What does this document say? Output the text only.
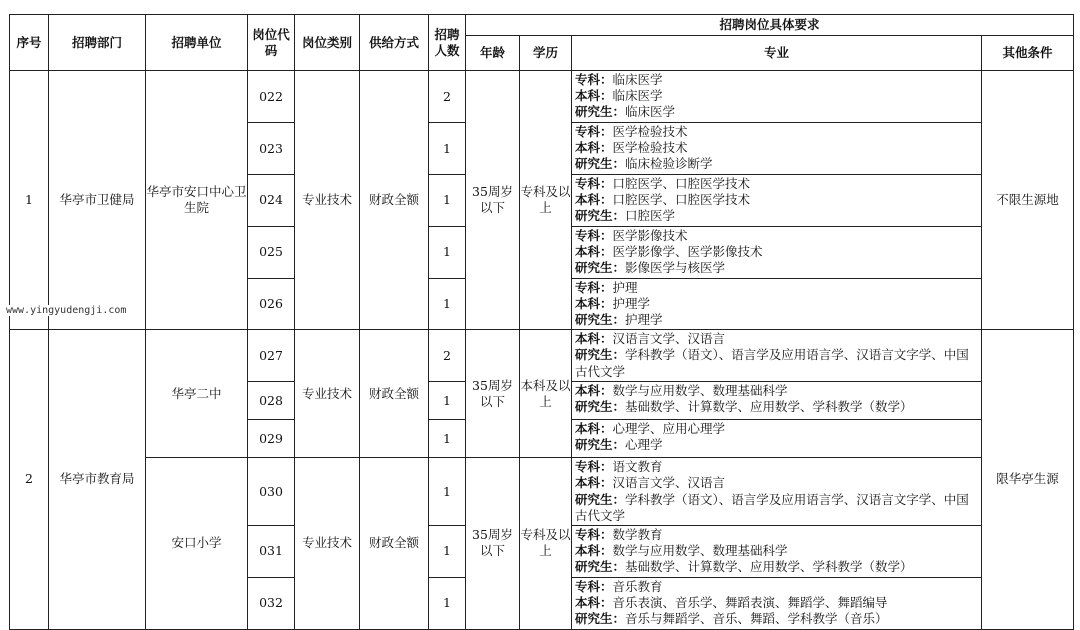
序号	招聘部门	招聘单位	岗位代码	岗位类别	供给方式	招聘人数	招聘岗位具体要求			
							年龄	学历	专业	其他条件
1	华亭市卫健局	华亭市安口中心卫生院	022	专业技术	财政全额	2	35周岁以下	专科及以上	专科：临床医学
本科：临床医学
研究生：临床医学	不限生源地
			023			1			专科：医学检验技术
本科：医学检验技术
研究生：临床检验诊断学	

			024			1			专科：口腔医学、口腔医学技术
本科：口腔医学、口腔医学技术
研究生：口腔医学	

			025			1			专科：医学影像技术
本科：医学影像学、医学影像技术
研究生：影像医学与核医学	

			026			1			专科：护理
本科：护理学
研究生：护理学	

2	华亭市教育局	华亭二中	027	专业技术	财政全额	2	35周岁以下	本科及以上	本科：汉语言文学、汉语言
研究生：学科教学（语文）、语言学及应用语言学、汉语言文字学、中国古代文学	限华亭生源
			028			1			本科：数学与应用数学、数理基础科学
研究生：基础数学、计算数学、应用数学、学科教学（数学）	

			029			1			本科：心理学、应用心理学
研究生：心理学	

		安口小学	030	专业技术	财政全额	1	35周岁以下	专科及以上	专科：语文教育
本科：汉语言文学、汉语言
研究生：学科教学（语文）、语言学及应用语言学、汉语言文字学、中国古代文学	

			031			1			专科：数学教育
本科：数学与应用数学、数理基础科学
研究生：基础数学、计算数学、应用数学、学科教学（数学）	

			032			1			专科：音乐教育
本科：音乐表演、音乐学、舞蹈表演、舞蹈学、舞蹈编导
研究生：音乐与舞蹈学、音乐、舞蹈、学科教学（音乐）	
www.yingyudengji.com
